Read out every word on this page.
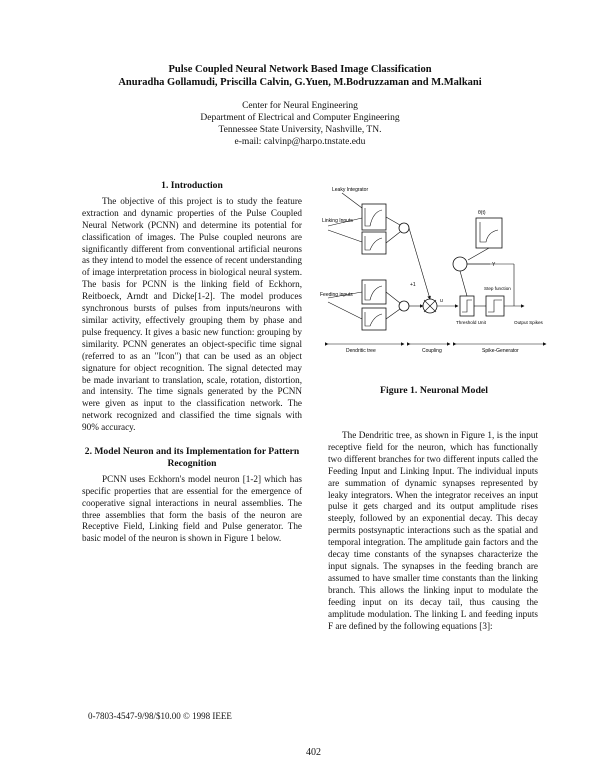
Pulse Coupled Neural Network Based Image Classification
Anuradha Gollamudi, Priscilla Calvin, G.Yuen, M.Bodruzzaman and M.Malkani
Center for Neural Engineering
Department of Electrical and Computer Engineering
Tennessee State University, Nashville, TN.
e-mail: calvinp@harpo.tnstate.edu
1. Introduction

The objective of this project is to study the feature extraction and dynamic properties of the Pulse Coupled Neural Network (PCNN) and determine its potential for classification of images. The Pulse coupled neurons are significantly different from conventional artificial neurons as they intend to model the essence of recent understanding of image interpretation process in biological neural system. The basis for PCNN is the linking field of Eckhorn, Reitboeck, Arndt and Dicke[1-2]. The model produces synchronous bursts of pulses from inputs/neurons with similar activity, effectively grouping them by phase and pulse frequency. It gives a basic new function: grouping by similarity. PCNN generates an object-specific time signal (referred to as an "Icon") that can be used as an object signature for object recognition. The signal detected may be made invariant to translation, scale, rotation, distortion, and intensity. The time signals generated by the PCNN were given as input to the classification network. The network recognized and classified the time signals with 90% accuracy.

2. Model Neuron and its Implementation for Pattern Recognition

PCNN uses Eckhorn's model neuron [1-2] which has specific properties that are essential for the emergence of cooperative signal interactions in neural assemblies. The three assemblies that form the basis of the neuron are Receptive Field, Linking field and Pulse generator. The basic model of the neuron is shown in Figure 1 below.

Leaky Integrator
Linking Inputs
θ(t)
Y
Feeding inputs
+1
u
Threshold Unit
Step function
Output Spikes
Dendritic tree	Coupling	Spike-Generator
Figure 1. Neuronal Model

The Dendritic tree, as shown in Figure 1, is the input receptive field for the neuron, which has functionally two different branches for two different inputs called the Feeding Input and Linking Input. The individual inputs are summation of dynamic synapses represented by leaky integrators. When the integrator receives an input pulse it gets charged and its output amplitude rises steeply, followed by an exponential decay. This decay permits postsynaptic interactions such as the spatial and temporal integration. The amplitude gain factors and the decay time constants of the synapses characterize the input signals. The synapses in the feeding branch are assumed to have smaller time constants than the linking branch. This allows the linking input to modulate the feeding input on its decay tail, thus causing the amplitude modulation. The linking L and feeding inputs F are defined by the following equations [3]:

0-7803-4547-9/98/$10.00 © 1998 IEEE
402
